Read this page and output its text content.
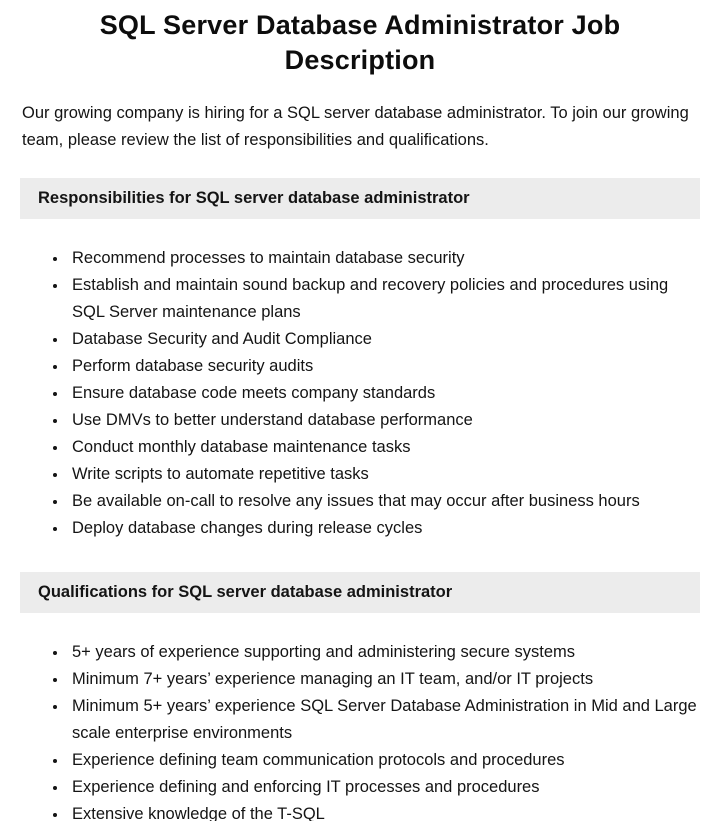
SQL Server Database Administrator Job Description

Our growing company is hiring for a SQL server database administrator. To join our growing team, please review the list of responsibilities and qualifications.

Responsibilities for SQL server database administrator
• Recommend processes to maintain database security
• Establish and maintain sound backup and recovery policies and procedures using SQL Server maintenance plans
• Database Security and Audit Compliance
• Perform database security audits
• Ensure database code meets company standards
• Use DMVs to better understand database performance
• Conduct monthly database maintenance tasks
• Write scripts to automate repetitive tasks
• Be available on-call to resolve any issues that may occur after business hours
• Deploy database changes during release cycles
Qualifications for SQL server database administrator
• 5+ years of experience supporting and administering secure systems
• Minimum 7+ years’ experience managing an IT team, and/or IT projects
• Minimum 5+ years’ experience SQL Server Database Administration in Mid and Large scale enterprise environments
• Experience defining team communication protocols and procedures
• Experience defining and enforcing IT processes and procedures
• Extensive knowledge of the T-SQL
